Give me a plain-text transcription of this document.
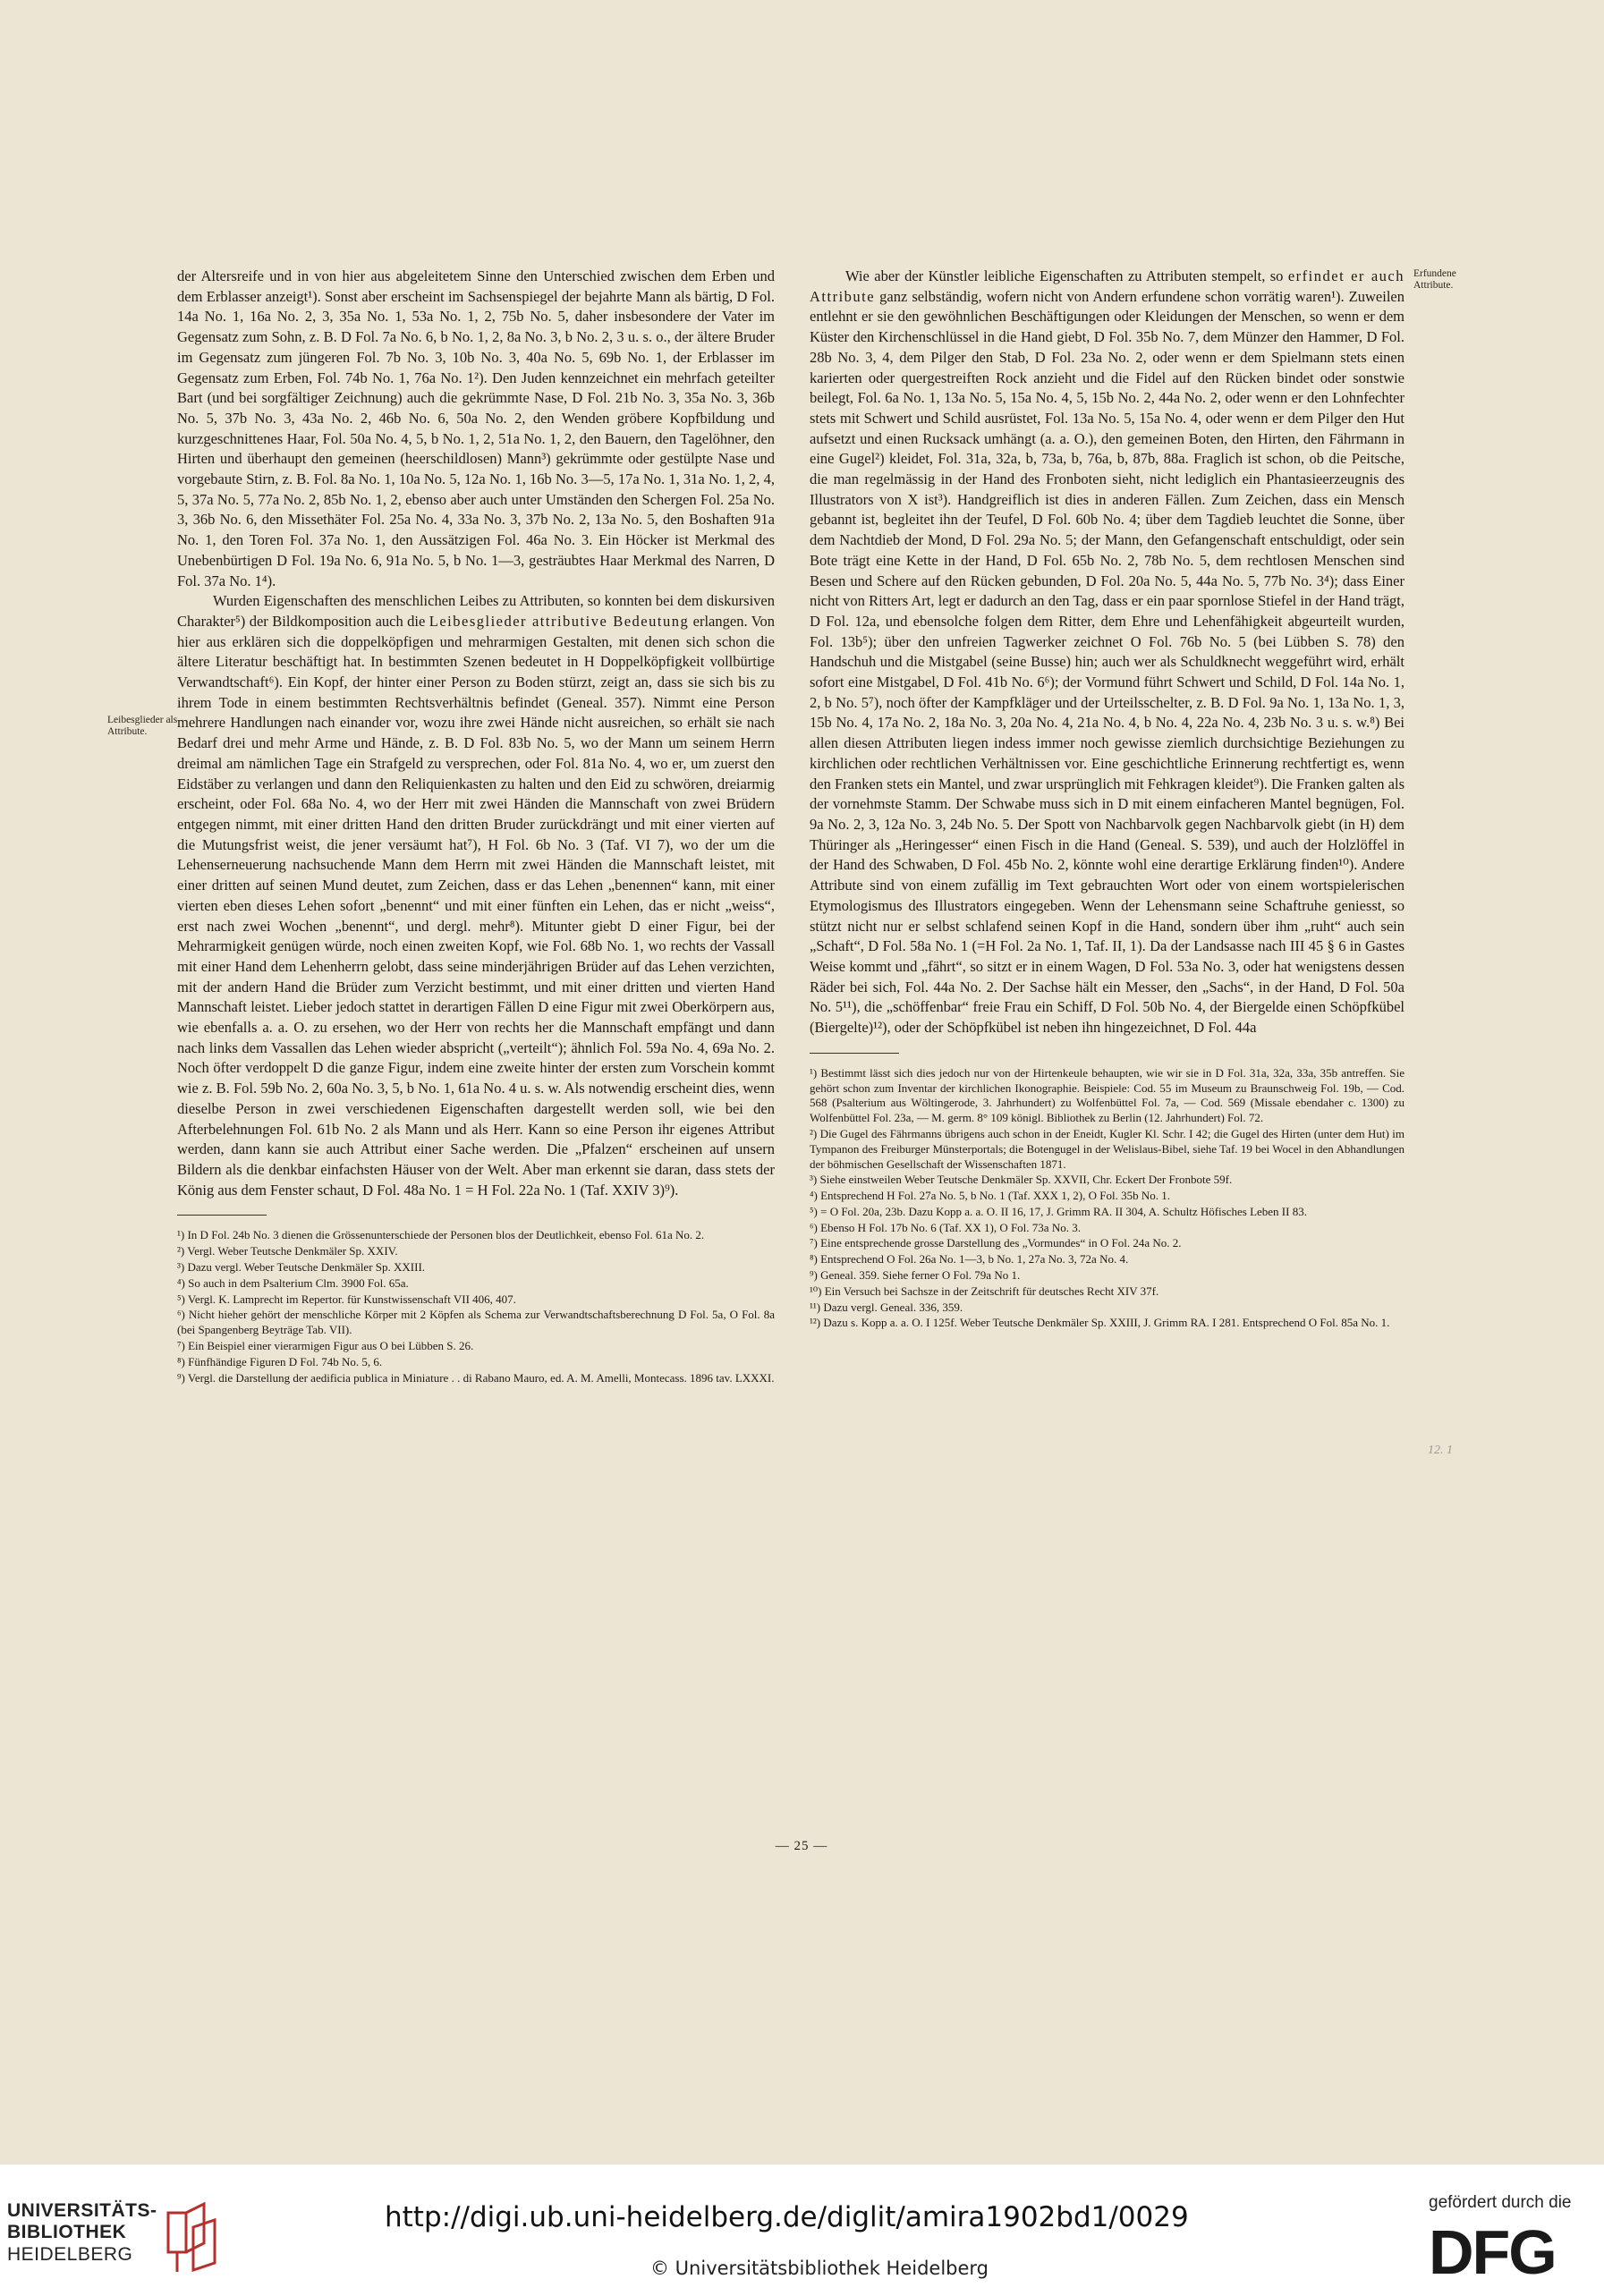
Leibesglieder als Attribute.
Erfundene Attribute.

der Altersreife und in von hier aus abgeleitetem Sinne den Unterschied zwischen dem Erben und dem Erblasser anzeigt¹). Sonst aber erscheint im Sachsenspiegel der bejahrte Mann als bärtig, D Fol. 14a No. 1, 16a No. 2, 3, 35a No. 1, 53a No. 1, 2, 75b No. 5, daher insbesondere der Vater im Gegensatz zum Sohn, z. B. D Fol. 7a No. 6, b No. 1, 2, 8a No. 3, b No. 2, 3 u. s. o., der ältere Bruder im Gegensatz zum jüngeren Fol. 7b No. 3, 10b No. 3, 40a No. 5, 69b No. 1, der Erblasser im Gegensatz zum Erben, Fol. 74b No. 1, 76a No. 1²). Den Juden kennzeichnet ein mehrfach geteilter Bart (und bei sorgfältiger Zeichnung) auch die gekrümmte Nase, D Fol. 21b No. 3, 35a No. 3, 36b No. 5, 37b No. 3, 43a No. 2, 46b No. 6, 50a No. 2, den Wenden gröbere Kopfbildung und kurzgeschnittenes Haar, Fol. 50a No. 4, 5, b No. 1, 2, 51a No. 1, 2, den Bauern, den Tagelöhner, den Hirten und überhaupt den gemeinen (heerschildlosen) Mann³) gekrümmte oder gestülpte Nase und vorgebaute Stirn, z. B. Fol. 8a No. 1, 10a No. 5, 12a No. 1, 16b No. 3—5, 17a No. 1, 31a No. 1, 2, 4, 5, 37a No. 5, 77a No. 2, 85b No. 1, 2, ebenso aber auch unter Umständen den Schergen Fol. 25a No. 3, 36b No. 6, den Missethäter Fol. 25a No. 4, 33a No. 3, 37b No. 2, 13a No. 5, den Boshaften 91a No. 1, den Toren Fol. 37a No. 1, den Aussätzigen Fol. 46a No. 3. Ein Höcker ist Merkmal des Unebenbürtigen D Fol. 19a No. 6, 91a No. 5, b No. 1—3, gesträubtes Haar Merkmal des Narren, D Fol. 37a No. 1⁴).

Wurden Eigenschaften des menschlichen Leibes zu Attributen, so konnten bei dem diskursiven Charakter⁵) der Bildkomposition auch die Leibesglieder attributive Bedeutung erlangen. Von hier aus erklären sich die doppelköpfigen und mehrarmigen Gestalten, mit denen sich schon die ältere Literatur beschäftigt hat. In bestimmten Szenen bedeutet in H Doppelköpfigkeit vollbürtige Verwandtschaft⁶). Ein Kopf, der hinter einer Person zu Boden stürzt, zeigt an, dass sie sich bis zu ihrem Tode in einem bestimmten Rechtsverhältnis befindet (Geneal. 357). Nimmt eine Person mehrere Handlungen nach einander vor, wozu ihre zwei Hände nicht ausreichen, so erhält sie nach Bedarf drei und mehr Arme und Hände, z. B. D Fol. 83b No. 5, wo der Mann um seinem Herrn dreimal am nämlichen Tage ein Strafgeld zu versprechen, oder Fol. 81a No. 4, wo er, um zuerst den Eidstäber zu verlangen und dann den Reliquienkasten zu halten und den Eid zu schwören, dreiarmig erscheint, oder Fol. 68a No. 4, wo der Herr mit zwei Händen die Mannschaft von zwei Brüdern entgegen nimmt, mit einer dritten Hand den dritten Bruder zurückdrängt und mit einer vierten auf die Mutungsfrist weist, die jener versäumt hat⁷), H Fol. 6b No. 3 (Taf. VI 7), wo der um die Lehenserneuerung nachsuchende Mann dem Herrn mit zwei Händen die Mannschaft leistet, mit einer dritten auf seinen Mund deutet, zum Zeichen, dass er das Lehen „benennen“ kann, mit einer vierten eben dieses Lehen sofort „benennt“ und mit einer fünften ein Lehen, das er nicht „weiss“, erst nach zwei Wochen „benennt“, und dergl. mehr⁸). Mitunter giebt D einer Figur, bei der Mehrarmigkeit genügen würde, noch einen zweiten Kopf, wie Fol. 68b No. 1, wo rechts der Vassall mit einer Hand dem Lehenherrn gelobt, dass seine minderjährigen Brüder auf das Lehen verzichten, mit der andern Hand die Brüder zum Verzicht bestimmt, und mit einer dritten und vierten Hand Mannschaft leistet. Lieber jedoch stattet in derartigen Fällen D eine Figur mit zwei Oberkörpern aus, wie ebenfalls a. a. O. zu ersehen, wo der Herr von rechts her die Mannschaft empfängt und dann nach links dem Vassallen das Lehen wieder abspricht („verteilt“); ähnlich Fol. 59a No. 4, 69a No. 2. Noch öfter verdoppelt D die ganze Figur, indem eine zweite hinter der ersten zum Vorschein kommt wie z. B. Fol. 59b No. 2, 60a No. 3, 5, b No. 1, 61a No. 4 u. s. w. Als notwendig erscheint dies, wenn dieselbe Person in zwei verschiedenen Eigenschaften dargestellt werden soll, wie bei den Afterbelehnungen Fol. 61b No. 2 als Mann und als Herr. Kann so eine Person ihr eigenes Attribut werden, dann kann sie auch Attribut einer Sache werden. Die „Pfalzen“ erscheinen auf unsern Bildern als die denkbar einfachsten Häuser von der Welt. Aber man erkennt sie daran, dass stets der König aus dem Fenster schaut, D Fol. 48a No. 1 = H Fol. 22a No. 1 (Taf. XXIV 3)⁹).

¹) In D Fol. 24b No. 3 dienen die Grössenunterschiede der Personen blos der Deutlichkeit, ebenso Fol. 61a No. 2.

²) Vergl. Weber Teutsche Denkmäler Sp. XXIV.

³) Dazu vergl. Weber Teutsche Denkmäler Sp. XXIII.

⁴) So auch in dem Psalterium Clm. 3900 Fol. 65a.

⁵) Vergl. K. Lamprecht im Repertor. für Kunstwissenschaft VII 406, 407.

⁶) Nicht hieher gehört der menschliche Körper mit 2 Köpfen als Schema zur Verwandtschaftsberechnung D Fol. 5a, O Fol. 8a (bei Spangenberg Beyträge Tab. VII).

⁷) Ein Beispiel einer vierarmigen Figur aus O bei Lübben S. 26.

⁸) Fünfhändige Figuren D Fol. 74b No. 5, 6.

⁹) Vergl. die Darstellung der aedificia publica in Miniature . . di Rabano Mauro, ed. A. M. Amelli, Montecass. 1896 tav. LXXXI.

Wie aber der Künstler leibliche Eigenschaften zu Attributen stempelt, so erfindet er auch Attribute ganz selbständig, wofern nicht von Andern erfundene schon vorrätig waren¹). Zuweilen entlehnt er sie den gewöhnlichen Beschäftigungen oder Kleidungen der Menschen, so wenn er dem Küster den Kirchenschlüssel in die Hand giebt, D Fol. 35b No. 7, dem Münzer den Hammer, D Fol. 28b No. 3, 4, dem Pilger den Stab, D Fol. 23a No. 2, oder wenn er dem Spielmann stets einen karierten oder quergestreiften Rock anzieht und die Fidel auf den Rücken bindet oder sonstwie beilegt, Fol. 6a No. 1, 13a No. 5, 15a No. 4, 5, 15b No. 2, 44a No. 2, oder wenn er den Lohnfechter stets mit Schwert und Schild ausrüstet, Fol. 13a No. 5, 15a No. 4, oder wenn er dem Pilger den Hut aufsetzt und einen Rucksack umhängt (a. a. O.), den gemeinen Boten, den Hirten, den Fährmann in eine Gugel²) kleidet, Fol. 31a, 32a, b, 73a, b, 76a, b, 87b, 88a. Fraglich ist schon, ob die Peitsche, die man regelmässig in der Hand des Fronboten sieht, nicht lediglich ein Phantasieerzeugnis des Illustrators von X ist³). Handgreiflich ist dies in anderen Fällen. Zum Zeichen, dass ein Mensch gebannt ist, begleitet ihn der Teufel, D Fol. 60b No. 4; über dem Tagdieb leuchtet die Sonne, über dem Nachtdieb der Mond, D Fol. 29a No. 5; der Mann, den Gefangenschaft entschuldigt, oder sein Bote trägt eine Kette in der Hand, D Fol. 65b No. 2, 78b No. 5, dem rechtlosen Menschen sind Besen und Schere auf den Rücken gebunden, D Fol. 20a No. 5, 44a No. 5, 77b No. 3⁴); dass Einer nicht von Ritters Art, legt er dadurch an den Tag, dass er ein paar spornlose Stiefel in der Hand trägt, D Fol. 12a, und ebensolche folgen dem Ritter, dem Ehre und Lehenfähigkeit abgeurteilt wurden, Fol. 13b⁵); über den unfreien Tagwerker zeichnet O Fol. 76b No. 5 (bei Lübben S. 78) den Handschuh und die Mistgabel (seine Busse) hin; auch wer als Schuldknecht weggeführt wird, erhält sofort eine Mistgabel, D Fol. 41b No. 6⁶); der Vormund führt Schwert und Schild, D Fol. 14a No. 1, 2, b No. 5⁷), noch öfter der Kampfkläger und der Urteilsschelter, z. B. D Fol. 9a No. 1, 13a No. 1, 3, 15b No. 4, 17a No. 2, 18a No. 3, 20a No. 4, 21a No. 4, b No. 4, 22a No. 4, 23b No. 3 u. s. w.⁸) Bei allen diesen Attributen liegen indess immer noch gewisse ziemlich durchsichtige Beziehungen zu kirchlichen oder rechtlichen Verhältnissen vor. Eine geschichtliche Erinnerung rechtfertigt es, wenn den Franken stets ein Mantel, und zwar ursprünglich mit Fehkragen kleidet⁹). Die Franken galten als der vornehmste Stamm. Der Schwabe muss sich in D mit einem einfacheren Mantel begnügen, Fol. 9a No. 2, 3, 12a No. 3, 24b No. 5. Der Spott von Nachbarvolk gegen Nachbarvolk giebt (in H) dem Thüringer als „Heringesser“ einen Fisch in die Hand (Geneal. S. 539), und auch der Holzlöffel in der Hand des Schwaben, D Fol. 45b No. 2, könnte wohl eine derartige Erklärung finden¹⁰). Andere Attribute sind von einem zufällig im Text gebrauchten Wort oder von einem wortspielerischen Etymologismus des Illustrators eingegeben. Wenn der Lehensmann seine Schaftruhe geniesst, so stützt nicht nur er selbst schlafend seinen Kopf in die Hand, sondern über ihm „ruht“ auch sein „Schaft“, D Fol. 58a No. 1 (=H Fol. 2a No. 1, Taf. II, 1). Da der Landsasse nach III 45 § 6 in Gastes Weise kommt und „fährt“, so sitzt er in einem Wagen, D Fol. 53a No. 3, oder hat wenigstens dessen Räder bei sich, Fol. 44a No. 2. Der Sachse hält ein Messer, den „Sachs“, in der Hand, D Fol. 50a No. 5¹¹), die „schöffenbar“ freie Frau ein Schiff, D Fol. 50b No. 4, der Biergelde einen Schöpfkübel (Biergelte)¹²), oder der Schöpfkübel ist neben ihn hingezeichnet, D Fol. 44a

¹) Bestimmt lässt sich dies jedoch nur von der Hirtenkeule behaupten, wie wir sie in D Fol. 31a, 32a, 33a, 35b antreffen. Sie gehört schon zum Inventar der kirchlichen Ikonographie. Beispiele: Cod. 55 im Museum zu Braunschweig Fol. 19b, — Cod. 568 (Psalterium aus Wöltingerode, 3. Jahrhundert) zu Wolfenbüttel Fol. 7a, — Cod. 569 (Missale ebendaher c. 1300) zu Wolfenbüttel Fol. 23a, — M. germ. 8° 109 königl. Bibliothek zu Berlin (12. Jahrhundert) Fol. 72.

²) Die Gugel des Fährmanns übrigens auch schon in der Eneidt, Kugler Kl. Schr. I 42; die Gugel des Hirten (unter dem Hut) im Tympanon des Freiburger Münsterportals; die Botengugel in der Welislaus-Bibel, siehe Taf. 19 bei Wocel in den Abhandlungen der böhmischen Gesellschaft der Wissenschaften 1871.

³) Siehe einstweilen Weber Teutsche Denkmäler Sp. XXVII, Chr. Eckert Der Fronbote 59f.

⁴) Entsprechend H Fol. 27a No. 5, b No. 1 (Taf. XXX 1, 2), O Fol. 35b No. 1.

⁵) = O Fol. 20a, 23b. Dazu Kopp a. a. O. II 16, 17, J. Grimm RA. II 304, A. Schultz Höfisches Leben II 83.

⁶) Ebenso H Fol. 17b No. 6 (Taf. XX 1), O Fol. 73a No. 3.

⁷) Eine entsprechende grosse Darstellung des „Vormundes“ in O Fol. 24a No. 2.

⁸) Entsprechend O Fol. 26a No. 1—3, b No. 1, 27a No. 3, 72a No. 4.

⁹) Geneal. 359. Siehe ferner O Fol. 79a No 1.

¹⁰) Ein Versuch bei Sachsze in der Zeitschrift für deutsches Recht XIV 37f.

¹¹) Dazu vergl. Geneal. 336, 359.

¹²) Dazu s. Kopp a. a. O. I 125f. Weber Teutsche Denkmäler Sp. XXIII, J. Grimm RA. I 281. Entsprechend O Fol. 85a No. 1.

12. 1
— 25 —
UNIVERSITÄTS-
BIBLIOTHEK
HEIDELBERG
http://digi.ub.uni-heidelberg.de/diglit/amira1902bd1/0029
© Universitätsbibliothek Heidelberg
gefördert durch die
DFG
